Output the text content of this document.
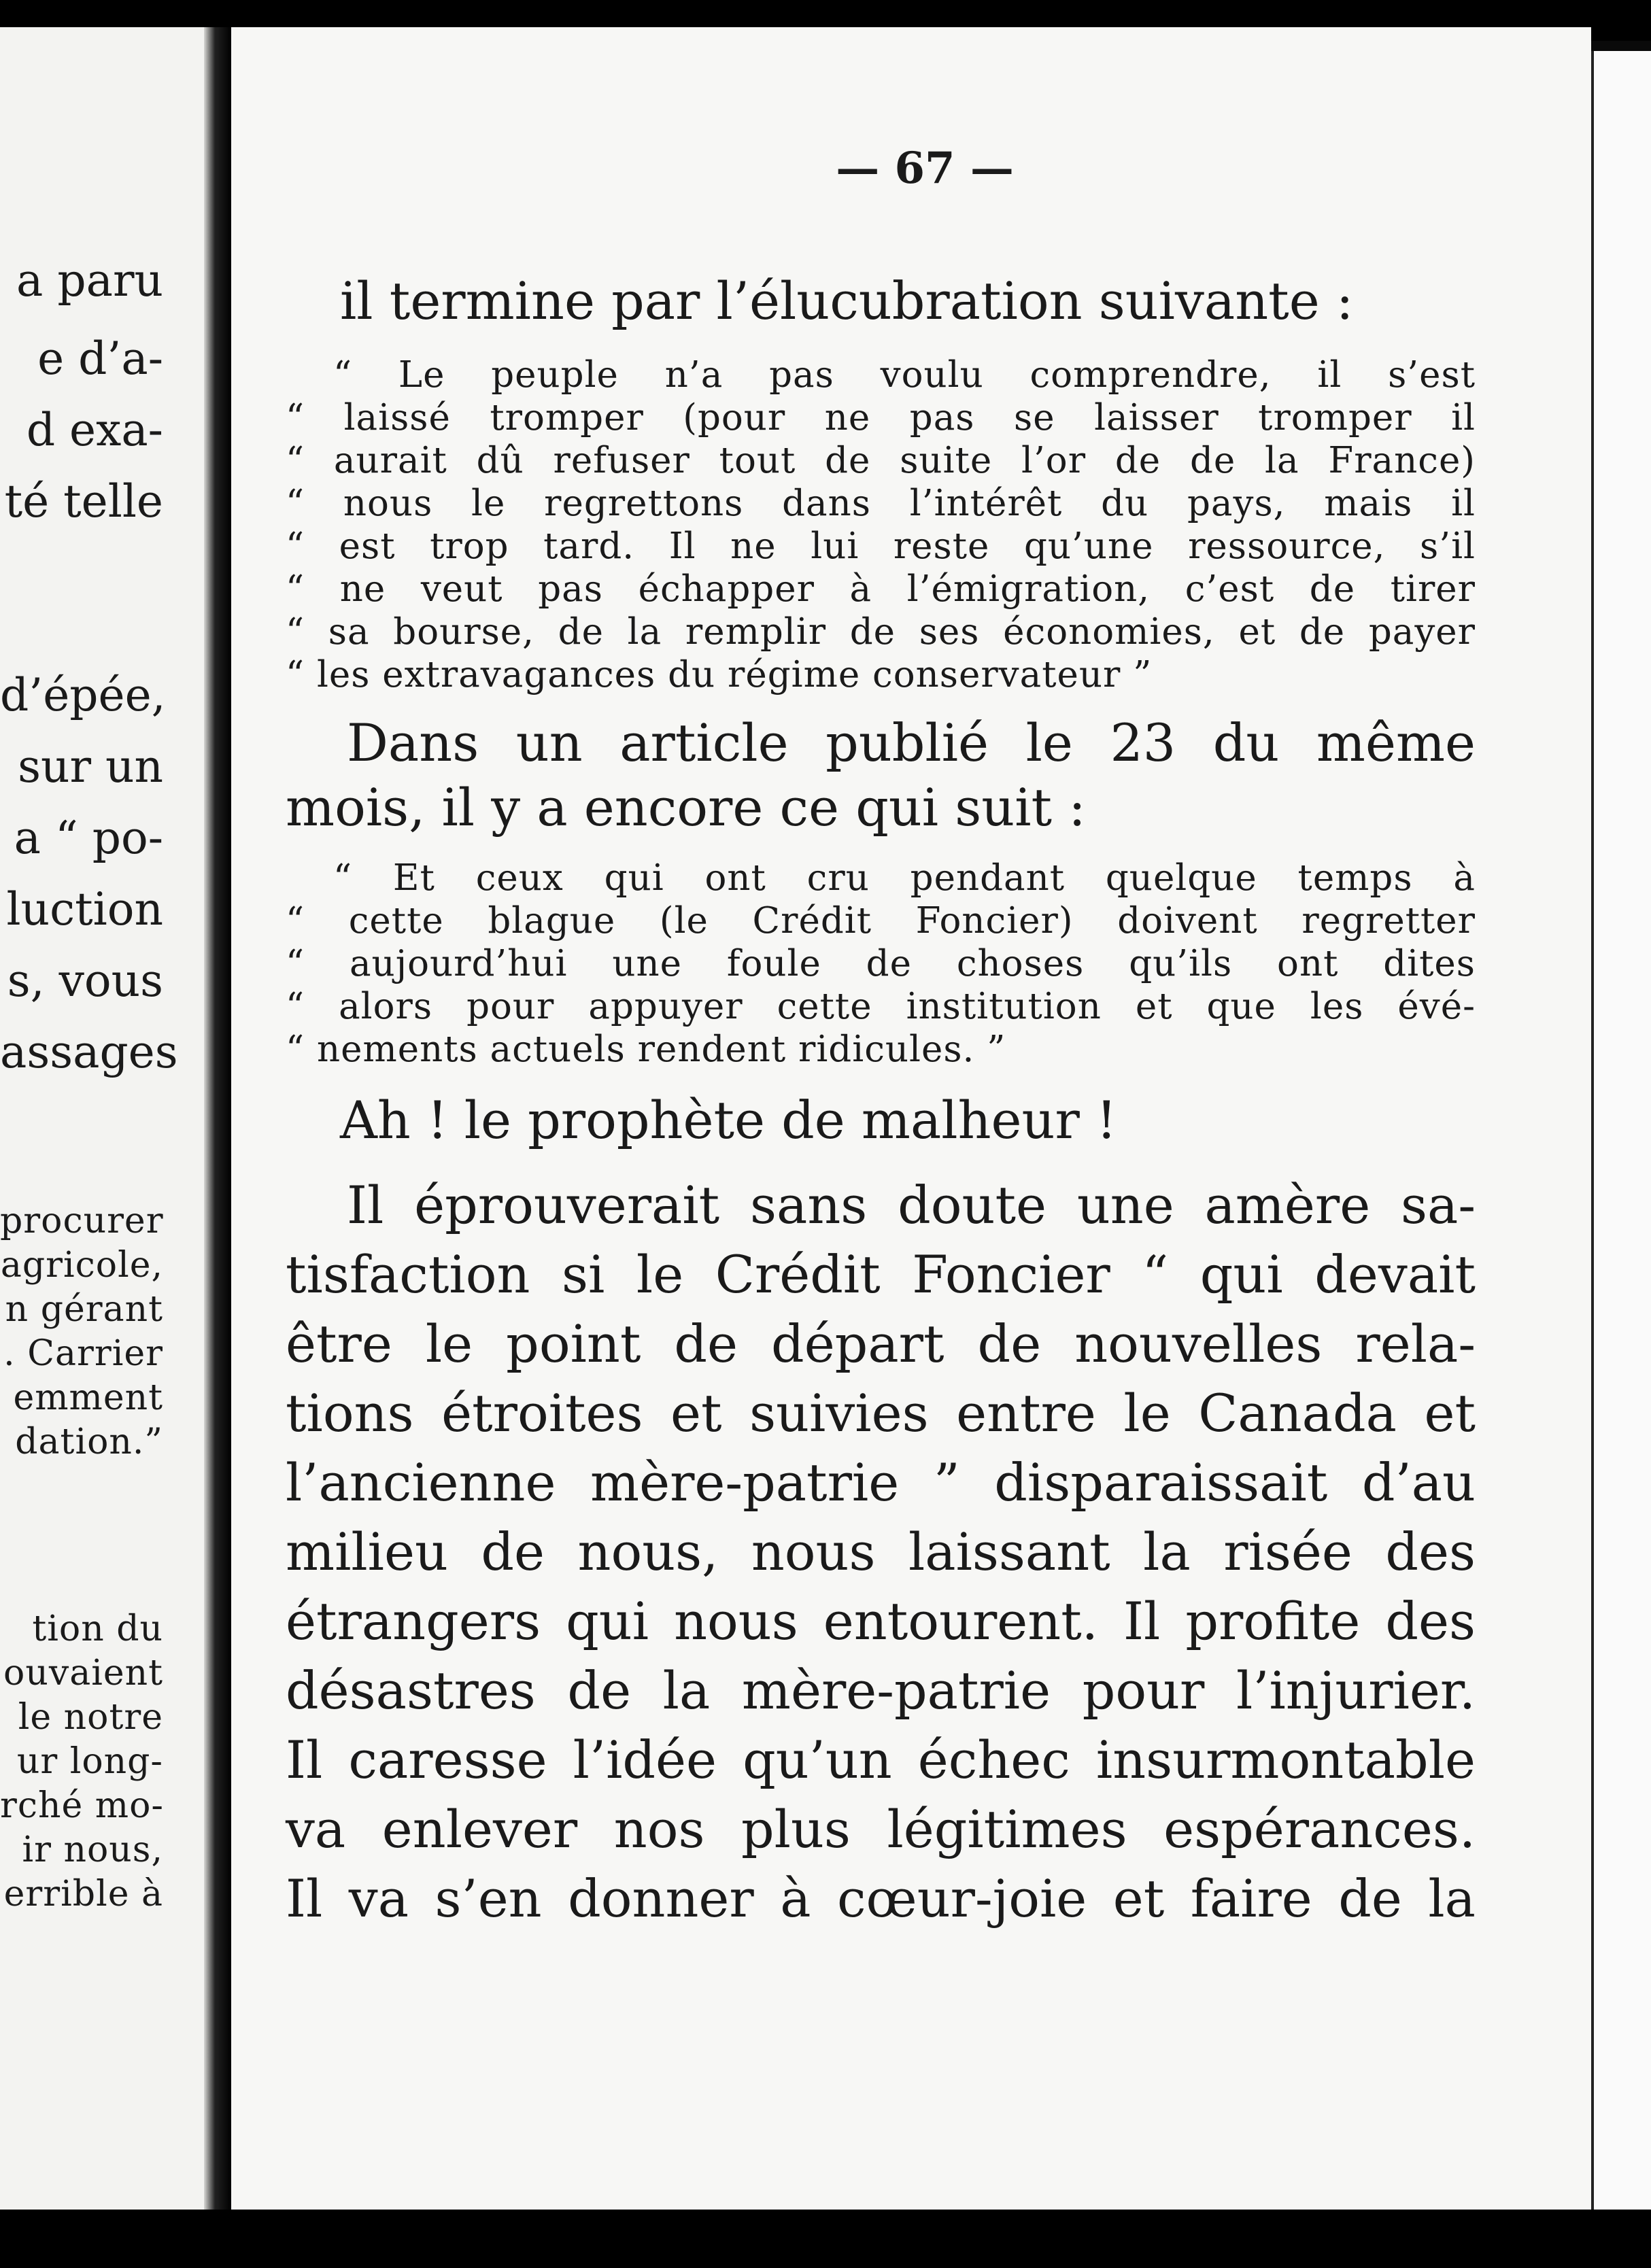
a paru
e d’a-
d exa-
té telle
d’épée,
sur un
a “ po-
luction
s, vous
assages
procurer
agricole,
n gérant
. Carrier
emment
dation.”
tion du
ouvaient
le notre
ur long-
rché mo-
ir nous,
errible à
— 67 —
il termine par l’élucubration suivante :
“ Le peuple n’a pas voulu comprendre, il s’est
“ laissé tromper (pour ne pas se laisser tromper il
“ aurait dû refuser tout de suite l’or de de la France)
“ nous le regrettons dans l’intérêt du pays, mais il
“ est trop tard. Il ne lui reste qu’une ressource, s’il
“ ne veut pas échapper à l’émigration, c’est de tirer
“ sa bourse, de la remplir de ses économies, et de payer
“ les extravagances du régime conservateur ”
Dans un article publié le 23 du même
mois, il y a encore ce qui suit :
“ Et ceux qui ont cru pendant quelque temps à
“ cette blague (le Crédit Foncier) doivent regretter
“ aujourd’hui une foule de choses qu’ils ont dites
“ alors pour appuyer cette institution et que les évé-
“ nements actuels rendent ridicules. ”
Ah ! le prophète de malheur !
Il éprouverait sans doute une amère sa-
tisfaction si le Crédit Foncier “ qui devait
être le point de départ de nouvelles rela-
tions étroites et suivies entre le Canada et
l’ancienne mère-patrie ” disparaissait d’au
milieu de nous, nous laissant la risée des
étrangers qui nous entourent. Il profite des
désastres de la mère-patrie pour l’injurier.
Il caresse l’idée qu’un échec insurmontable
va enlever nos plus légitimes espérances.
Il va s’en donner à cœur-joie et faire de la
